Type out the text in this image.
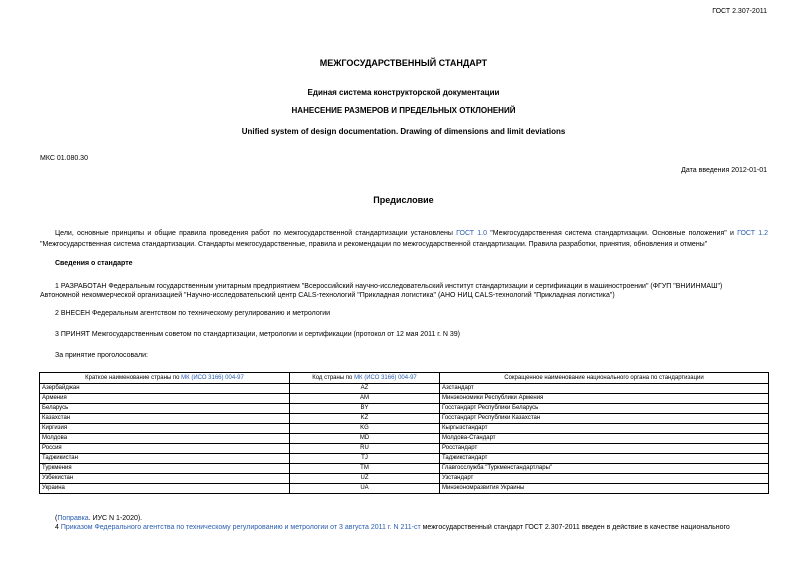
ГОСТ 2.307-2011
МЕЖГОСУДАРСТВЕННЫЙ СТАНДАРТ
Единая система конструкторской документации
НАНЕСЕНИЕ РАЗМЕРОВ И ПРЕДЕЛЬНЫХ ОТКЛОНЕНИЙ
Unified system of design documentation. Drawing of dimensions and limit deviations
МКС 01.080.30
Дата введения 2012-01-01
Предисловие
Цели, основные принципы и общие правила проведения работ по межгосударственной стандартизации установлены ГОСТ 1.0 "Межгосударственная система стандартизации. Основные положения" и ГОСТ 1.2 "Межгосударственная система стандартизации. Стандарты межгосударственные, правила и рекомендации по межгосударственной стандартизации. Правила разработки, принятия, обновления и отмены"
Сведения о стандарте
1 РАЗРАБОТАН Федеральным государственным унитарным предприятием "Всероссийский научно-исследовательский институт стандартизации и сертификации в машиностроении" (ФГУП "ВНИИНМАШ")
Автономной некоммерческой организацией "Научно-исследовательский центр CALS-технологий "Прикладная логистика" (АНО НИЦ CALS-технологий "Прикладная логистика")
2 ВНЕСЕН Федеральным агентством по техническому регулированию и метрологии
3 ПРИНЯТ Межгосударственным советом по стандартизации, метрологии и сертификации (протокол от 12 мая 2011 г. N 39)
За принятие проголосовали:
Краткое наименование страны по МК (ИСО 3166) 004-97	Код страны по МК (ИСО 3166) 004-97	Сокращенное наименование национального органа по стандартизации
Азербайджан	AZ	Азстандарт
Армения	AM	Минэкономики Республики Армения
Беларусь	BY	Госстандарт Республики Беларусь
Казахстан	KZ	Госстандарт Республики Казахстан
Киргизия	KG	Кыргызстандарт
Молдова	MD	Молдова-Стандарт
Россия	RU	Росстандарт
Таджикистан	TJ	Таджикстандарт
Туркмения	TM	Главгосслужба "Туркменстандартлары"
Узбекистан	UZ	Узстандарт
Украина	UA	Минэкономразвития Украины
(Поправка. ИУС N 1-2020).
4 Приказом Федерального агентства по техническому регулированию и метрологии от 3 августа 2011 г. N 211-ст межгосударственный стандарт ГОСТ 2.307-2011 введен в действие в качестве национального
